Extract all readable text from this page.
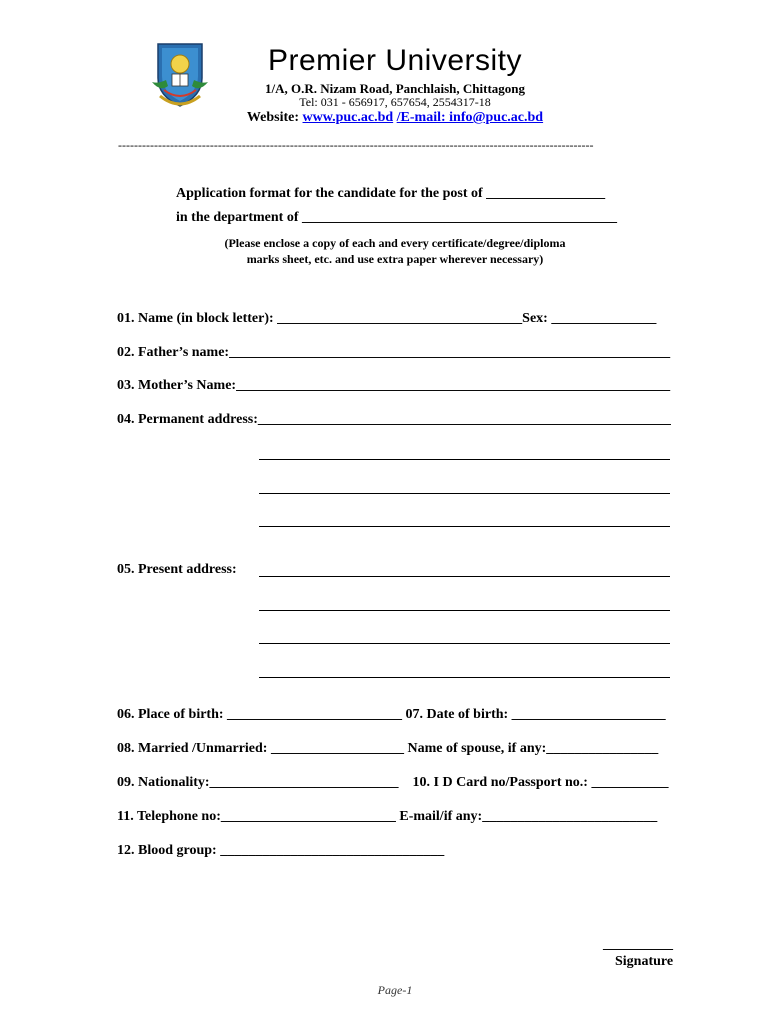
Premier University
1/A, O.R. Nizam Road, Panchlaish, Chittagong
Tel: 031 - 656917, 657654, 2554317-18
Website: www.puc.ac.bd /E-mail: info@puc.ac.bd
-----------------------------------------------------------------------------------------------------------------------
Application format for the candidate for the post of _________________
in the department of _____________________________________________
(Please enclose a copy of each and every certificate/degree/diploma
marks sheet, etc. and use extra paper wherever necessary)
01. Name (in block letter): ___________________________________Sex: _______________
02. Father’s name:_______________________________________________________________
03. Mother’s Name:______________________________________________________________
04. Permanent address:___________________________________________________________
05. Present address:
06. Place of birth: _________________________ 07. Date of birth: ______________________
08. Married /Unmarried: ___________________ Name of spouse, if any:________________
09. Nationality:___________________________    10. I D Card no/Passport no.: ___________
11. Telephone no:_________________________ E-mail/if any:_________________________
12. Blood group: ________________________________
__________
Signature
Page-1
